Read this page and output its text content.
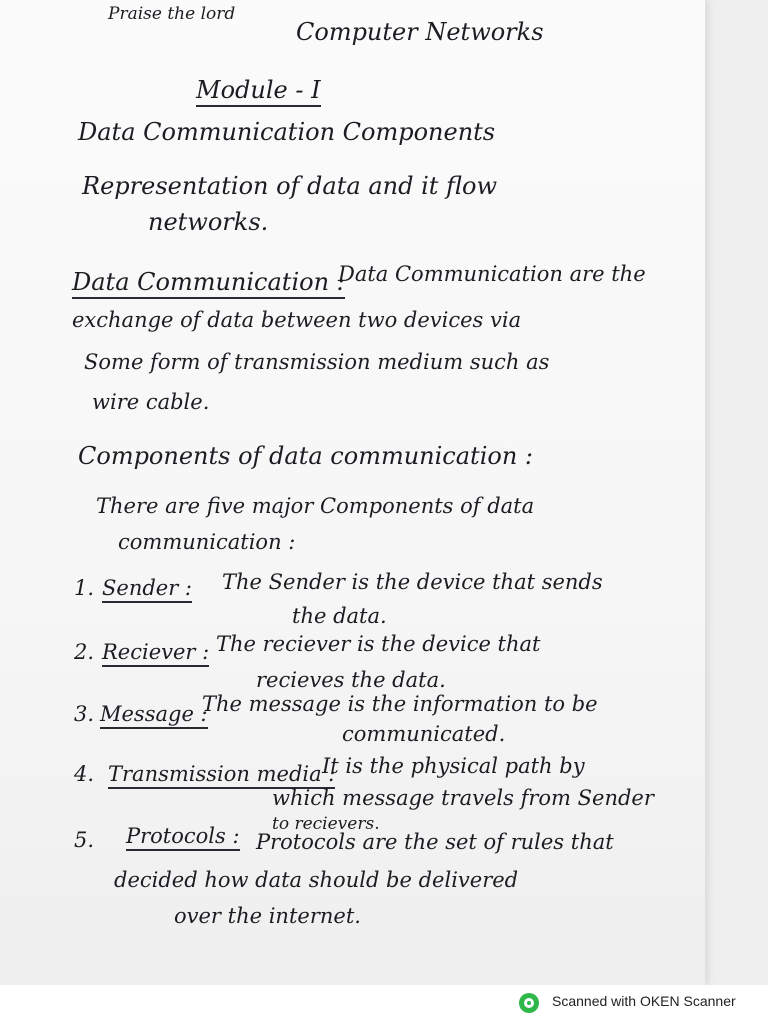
Praise the lord
Computer Networks
Module - I
Data Communication Components
Representation of data and it flow
networks.
Data Communication :
Data Communication are the
exchange of data between two devices via
Some form of transmission medium such as
wire cable.
Components of data communication :
There are five major Components of data
communication :
1. Sender : The Sender is the device that sends
the data.
2. Reciever : The reciever is the device that
recieves the data.
3. Message :
The message is the information to be
communicated.
4. Transmission media :
It is the physical path by
which message travels from Sender
to recievers.
5. Protocols : Protocols are the set of rules that
decided how data should be delivered
over the internet.
Scanned with OKEN Scanner
